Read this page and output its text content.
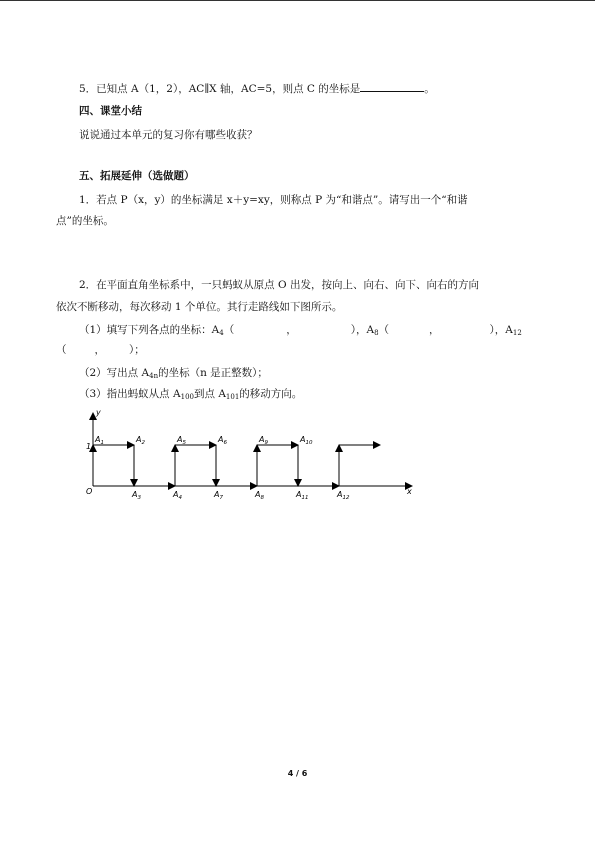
5．已知点 A（1，2），AC∥X 轴，AC=5，则点 C 的坐标是	。
四、课堂小结
说说通过本单元的复习你有哪些收获？
五、拓展延伸（选做题）
1．若点 P（x，y）的坐标满足 x＋y=xy，则称点 P 为“和谐点”。请写出一个“和谐
点”的坐标。
2．在平面直角坐标系中，一只蚂蚁从原点 O 出发，按向上、向右、向下、向右的方向
依次不断移动，每次移动 1 个单位。其行走路线如下图所示。
（1）填写下列各点的坐标：$A_4$（	，	），$A_8$（	，	），$A_{12}$
（	， ）；
（2）写出点 $A_{4n}$的坐标（n 是正整数）；
（3）指出蚂蚁从点 $A_{100}$到点 $A_{101}$的移动方向。
y
x
O
1
$A_1$	$A_2$	$A_5$	$A_6$	$A_9$	$A_{10}$
$A_3$	$A_4$	$A_7$	$A_8$	$A_{11}$	$A_{12}$
4 / 6
